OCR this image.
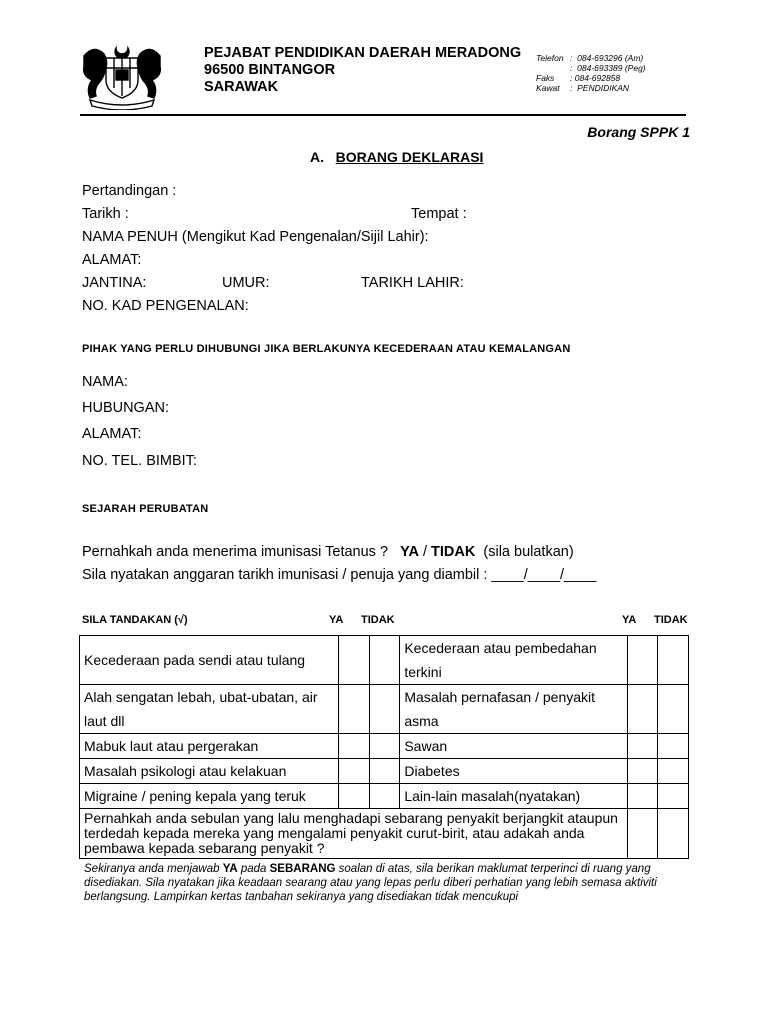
PEJABAT PENDIDIKAN DAERAH MERADONG
96500 BINTANGOR
SARAWAK
Telefon : 084-693296 (Am)
: 084-693389 (Peg)
Faks : 084-692858
Kawat : PENDIDIKAN
Borang SPPK 1
A. BORANG DEKLARASI
Pertandingan :
Tarikh :	Tempat :
NAMA PENUH (Mengikut Kad Pengenalan/Sijil Lahir):
ALAMAT:
JANTINA:	UMUR:	TARIKH LAHIR:
NO. KAD PENGENALAN:
PIHAK YANG PERLU DIHUBUNGI JIKA BERLAKUNYA KECEDERAAN ATAU KEMALANGAN
NAMA:
HUBUNGAN:
ALAMAT:
NO. TEL. BIMBIT:
SEJARAH PERUBATAN
Pernahkah anda menerima imunisasi Tetanus ? YA / TIDAK (sila bulatkan)
Sila nyatakan anggaran tarikh imunisasi / penuja yang diambil : ____/____/____
SILA TANDAKAN (√)	YA TIDAK	YA TIDAK
Kecederaan pada sendi atau tulang			Kecederaan atau pembedahan terkini		
Alah sengatan lebah, ubat-ubatan, air laut dll			Masalah pernafasan / penyakit asma		
Mabuk laut atau pergerakan			Sawan		
Masalah psikologi atau kelakuan			Diabetes		
Migraine / pening kepala yang teruk			Lain-lain masalah(nyatakan)		
Pernahkah anda sebulan yang lalu menghadapi sebarang penyakit berjangkit ataupun terdedah kepada mereka yang mengalami penyakit curut-birit, atau adakah anda pembawa kepada sebarang penyakit ?					
Sekiranya anda menjawab YA pada SEBARANG soalan di atas, sila berikan maklumat terperinci di ruang yang disediakan. Sila nyatakan jika keadaan searang atau yang lepas perlu diberi perhatian yang lebih semasa aktiviti berlangsung. Lampirkan kertas tanbahan sekiranya yang disediakan tidak mencukupi
